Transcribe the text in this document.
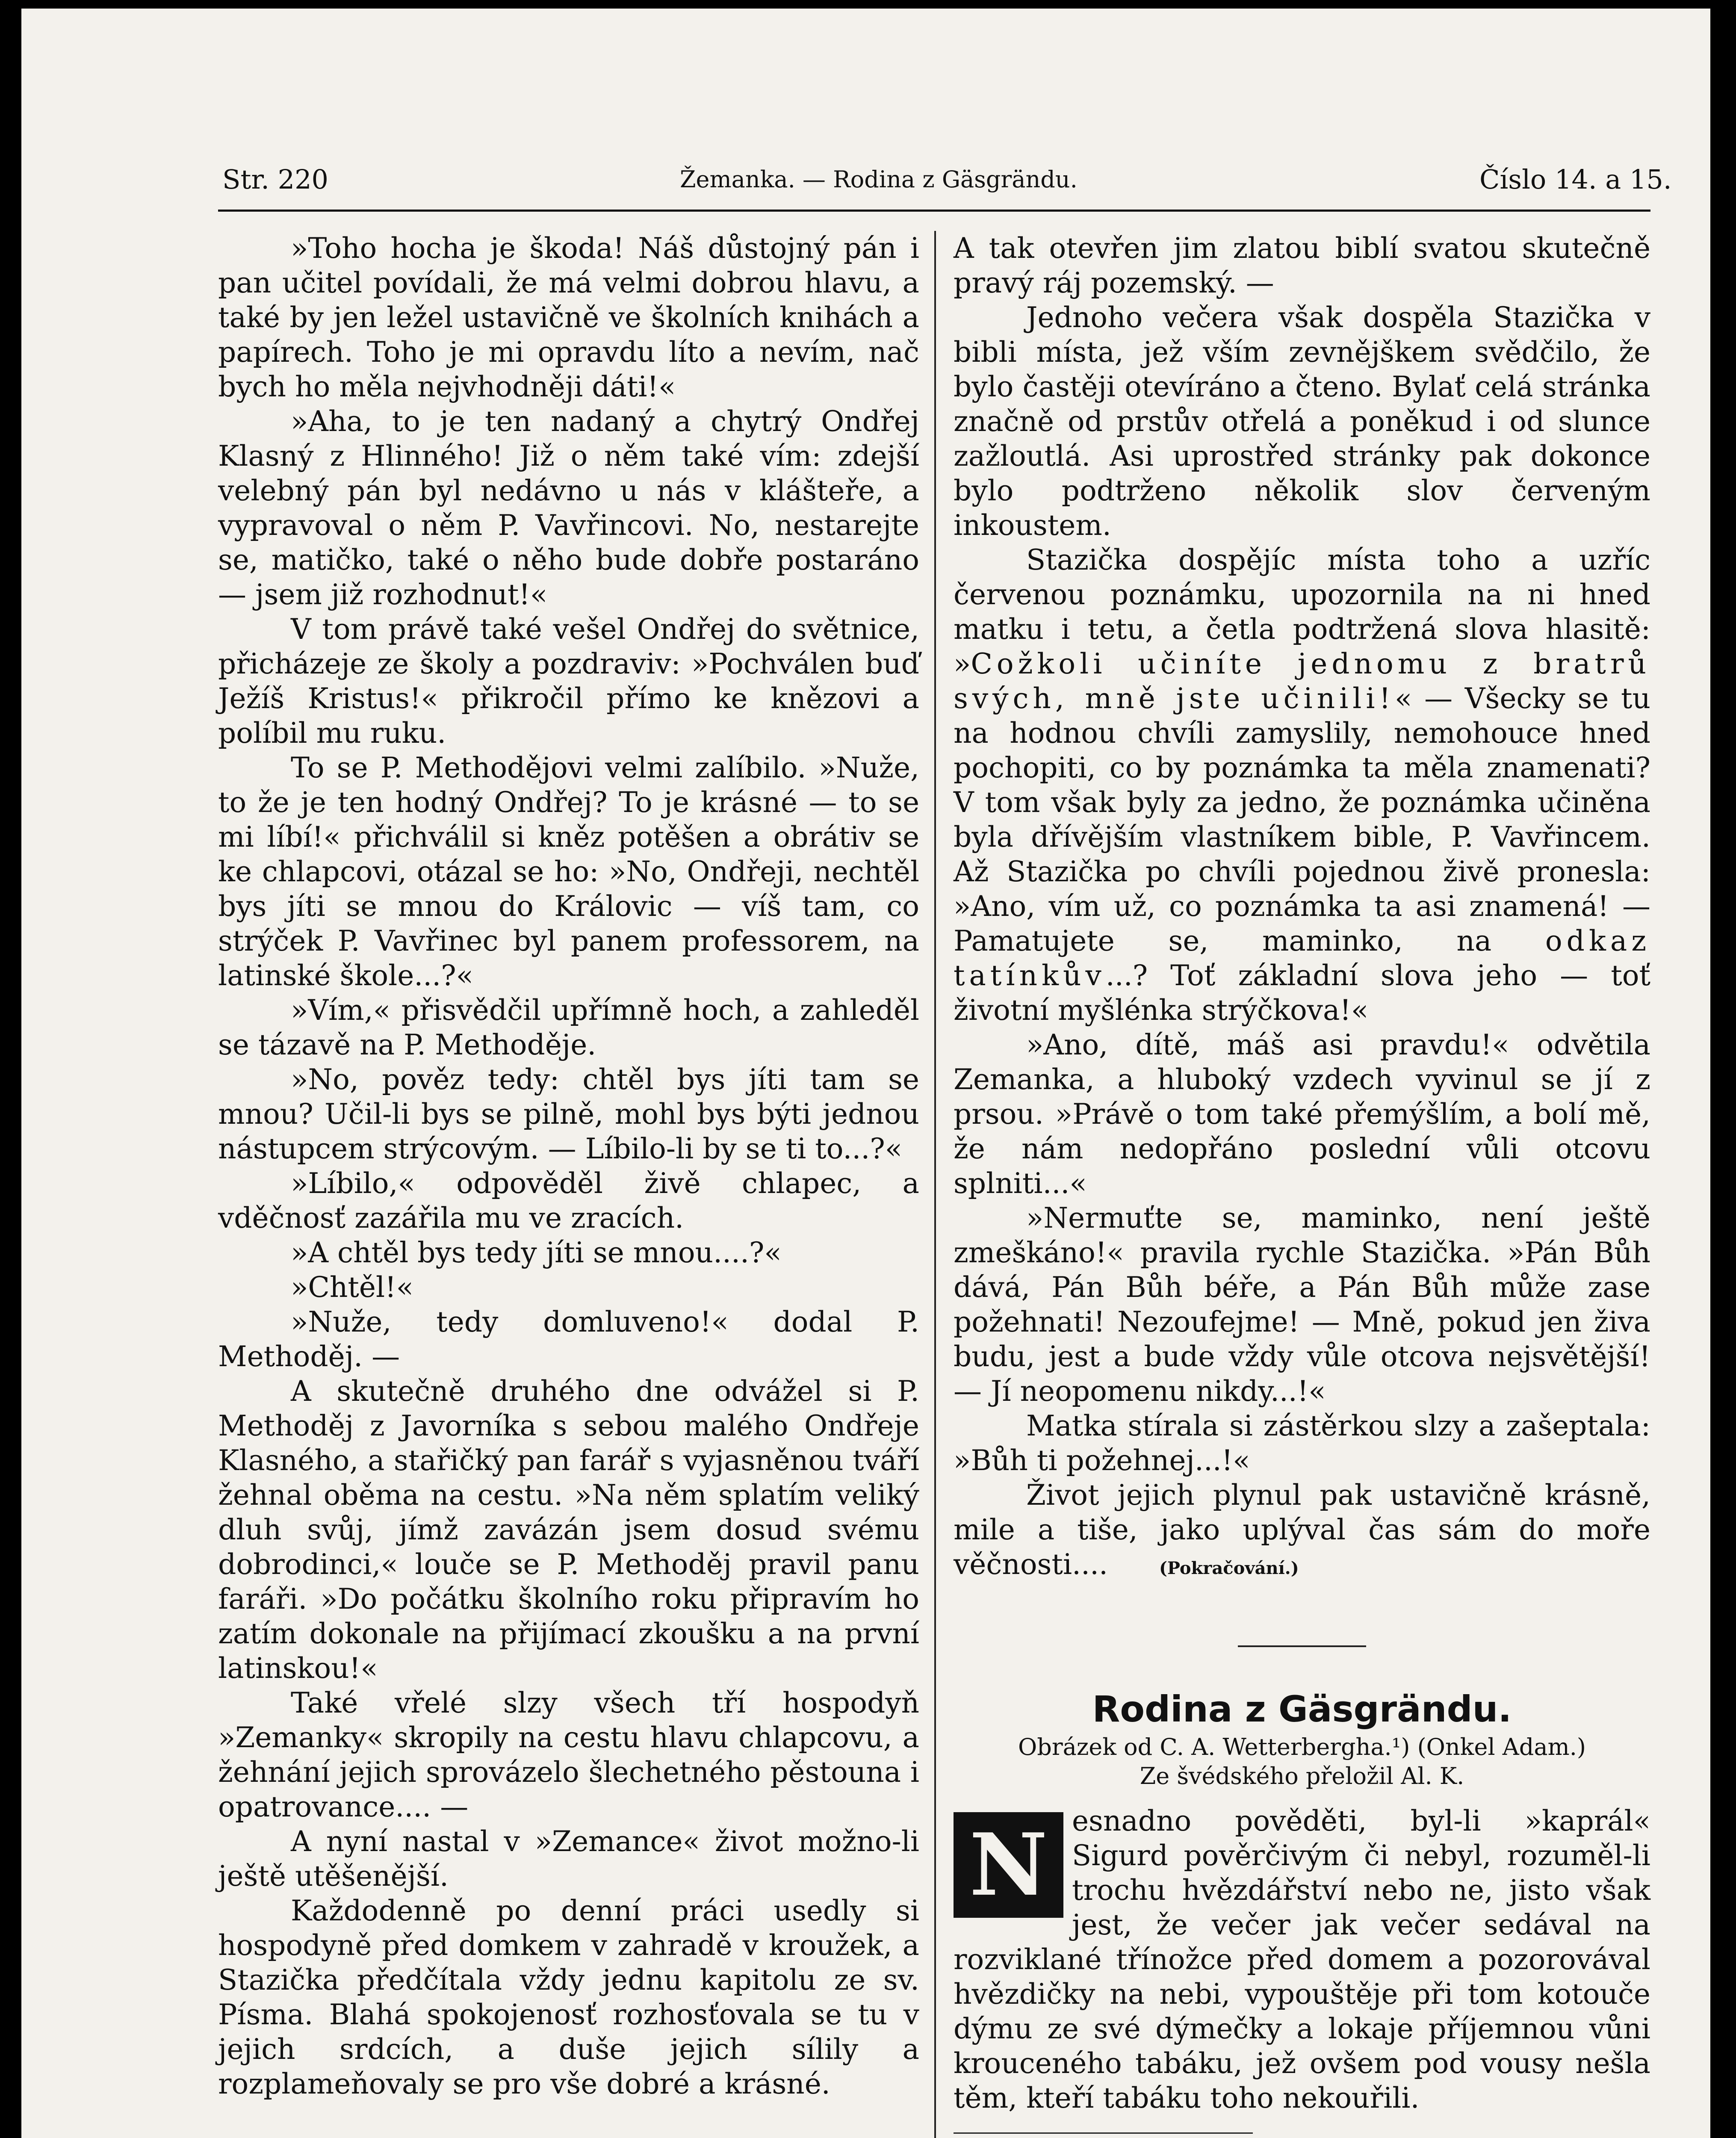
Str. 220	Žemanka. — Rodina z Gäsgrändu.	Číslo 14. a 15.

»Toho hocha je škoda! Náš důstojný pán i pan učitel povídali, že má velmi dobrou hlavu, a také by jen ležel ustavičně ve školních knihách a papírech. Toho je mi opravdu líto a nevím, nač bych ho měla nejvhodněji dáti!«

»Aha, to je ten nadaný a chytrý Ondřej Klasný z Hlinného! Již o něm také vím: zdejší velebný pán byl nedávno u nás v klášteře, a vypravoval o něm P. Vavřincovi. No, nestarejte se, matičko, také o něho bude dobře postaráno — jsem již rozhodnut!«

V tom právě také vešel Ondřej do světnice, přicházeje ze školy a pozdraviv: »Pochválen buď Ježíš Kristus!« přikročil přímo ke knězovi a políbil mu ruku.

To se P. Methodějovi velmi zalíbilo. »Nuže, to že je ten hodný Ondřej? To je krásné — to se mi líbí!« přichválil si kněz potěšen a obrátiv se ke chlapcovi, otázal se ho: »No, Ondřeji, nechtěl bys jíti se mnou do Královic — víš tam, co strýček P. Vavřinec byl panem professorem, na latinské škole...?«

»Vím,« přisvědčil upřímně hoch, a zahleděl se tázavě na P. Methoděje.

»No, pověz tedy: chtěl bys jíti tam se mnou? Učil-li bys se pilně, mohl bys býti jednou nástupcem strýcovým. — Líbilo-li by se ti to...?«

»Líbilo,« odpověděl živě chlapec, a vděčnosť zazářila mu ve zracích.

»A chtěl bys tedy jíti se mnou....?«

»Chtěl!«

»Nuže, tedy domluveno!« dodal P. Methoděj. —

A skutečně druhého dne odvážel si P. Methoděj z Javorníka s sebou malého Ondřeje Klasného, a stařičký pan farář s vyjasněnou tváří žehnal oběma na cestu. »Na něm splatím veliký dluh svůj, jímž zavázán jsem dosud svému dobrodinci,« louče se P. Methoděj pravil panu faráři. »Do počátku školního roku připravím ho zatím dokonale na přijímací zkoušku a na první latinskou!«

Také vřelé slzy všech tří hospodyň »Zemanky« skropily na cestu hlavu chlapcovu, a žehnání jejich sprovázelo šlechetného pěstouna i opatrovance.... —

A nyní nastal v »Zemance« život možno-li ještě utěšenější.

Každodenně po denní práci usedly si hospodyně před domkem v zahradě v kroužek, a Stazička předčítala vždy jednu kapitolu ze sv. Písma. Blahá spokojenosť rozhosťovala se tu v jejich srdcích, a duše jejich sílily a rozplameňovaly se pro vše dobré a krásné.

A tak otevřen jim zlatou biblí svatou skutečně pravý ráj pozemský. —

Jednoho večera však dospěla Stazička v bibli místa, jež vším zevnějškem svědčilo, že bylo častěji otevíráno a čteno. Bylať celá stránka značně od prstův otřelá a poněkud i od slunce zažloutlá. Asi uprostřed stránky pak dokonce bylo podtrženo několik slov červeným inkoustem.

Stazička dospějíc místa toho a uzříc červenou poznámku, upozornila na ni hned matku i tetu, a četla podtržená slova hlasitě: »Cožkoli učiníte jednomu z bratrů svých, mně jste učinili!« — Všecky se tu na hodnou chvíli zamyslily, nemohouce hned pochopiti, co by poznámka ta měla znamenati? V tom však byly za jedno, že poznámka učiněna byla dřívějším vlastníkem bible, P. Vavřincem. Až Stazička po chvíli pojednou živě pronesla: »Ano, vím už, co poznámka ta asi znamená! — Pamatujete se, maminko, na odkaz tatínkův...? Toť základní slova jeho — toť životní myšlénka strýčkova!«

»Ano, dítě, máš asi pravdu!« odvětila Zemanka, a hluboký vzdech vyvinul se jí z prsou. »Právě o tom také přemýšlím, a bolí mě, že nám nedopřáno poslední vůli otcovu splniti...«

»Nermuťte se, maminko, není ještě zmeškáno!« pravila rychle Stazička. »Pán Bůh dává, Pán Bůh béře, a Pán Bůh může zase požehnati! Nezoufejme! — Mně, pokud jen živa budu, jest a bude vždy vůle otcova nejsvětější! — Jí neopomenu nikdy...!«

Matka stírala si zástěrkou slzy a zašeptala: »Bůh ti požehnej...!«

Život jejich plynul pak ustavičně krásně, mile a tiše, jako uplýval čas sám do moře věčnosti....	(Pokračování.)

Rodina z Gäsgrändu.
Obrázek od C. A. Wetterbergha.¹) (Onkel Adam.)
Ze švédského přeložil Al. K.
N esnadno pověděti, byl-li »kaprál« Sigurd pověrčivým či nebyl, rozuměl-li trochu hvězdářství nebo ne, jisto však jest, že večer jak večer sedával na rozviklané třínožce před domem a pozorovával hvězdičky na nebi, vypouštěje při tom kotouče dýmu ze své dýmečky a lokaje příjemnou vůni krouceného tabáku, jež ovšem pod vousy nešla těm, kteří tabáku toho nekouřili.
